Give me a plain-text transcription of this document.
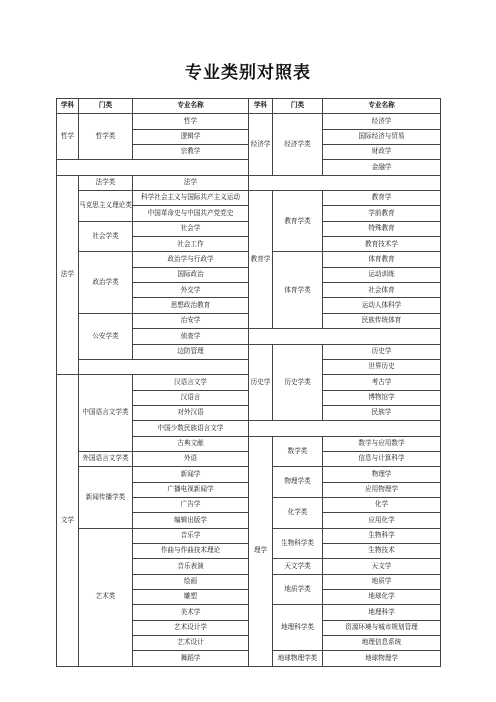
专业类别对照表
学科	门类	专业名称
哲学	哲学类	哲学
		逻辑学
		宗教学

法学	法学类	法学
	马克思主义理论类	科学社会主义与国际共产主义运动
		中国革命史与中国共产党党史
	社会学类	社会学
		社会工作
	政治学类	政治学与行政学
		国际政治
		外交学
		思想政治教育
	公安学类	治安学
		侦查学
		边防管理

文学	中国语言文学类	汉语言文学
		汉语言
		对外汉语
		中国少数民族语言文学
		古典文献
	外国语言文学类	外语
	新闻传播学类	新闻学
		广播电视新闻学
		广告学
		编辑出版学
	艺术类	音乐学
		作曲与作曲技术理论
		音乐表演
		绘画
		雕塑
		美术学
		艺术设计学
		艺术设计
		舞蹈学
学科	门类	专业名称
经济学	经济学类	经济学
		国际经济与贸易
		财政学
		金融学

教育学	教育学类	教育学
		学前教育
		特殊教育
		教育技术学
	体育学类	体育教育
		运动训练
		社会体育
		运动人体科学
		民族传统体育

历史学	历史学类	历史学
		世界历史
		考古学
		博物馆学
		民族学

理学	数学类	数学与应用数学
		信息与计算科学
	物理学类	物理学
		应用物理学
	化学类	化学
		应用化学
	生物科学类	生物科学
		生物技术
	天文学类	天文学
	地质学类	地质学
		地球化学
	地理科学类	地理科学
		资源环境与城市规划管理
		地理信息系统
	地球物理学类	地球物理学
